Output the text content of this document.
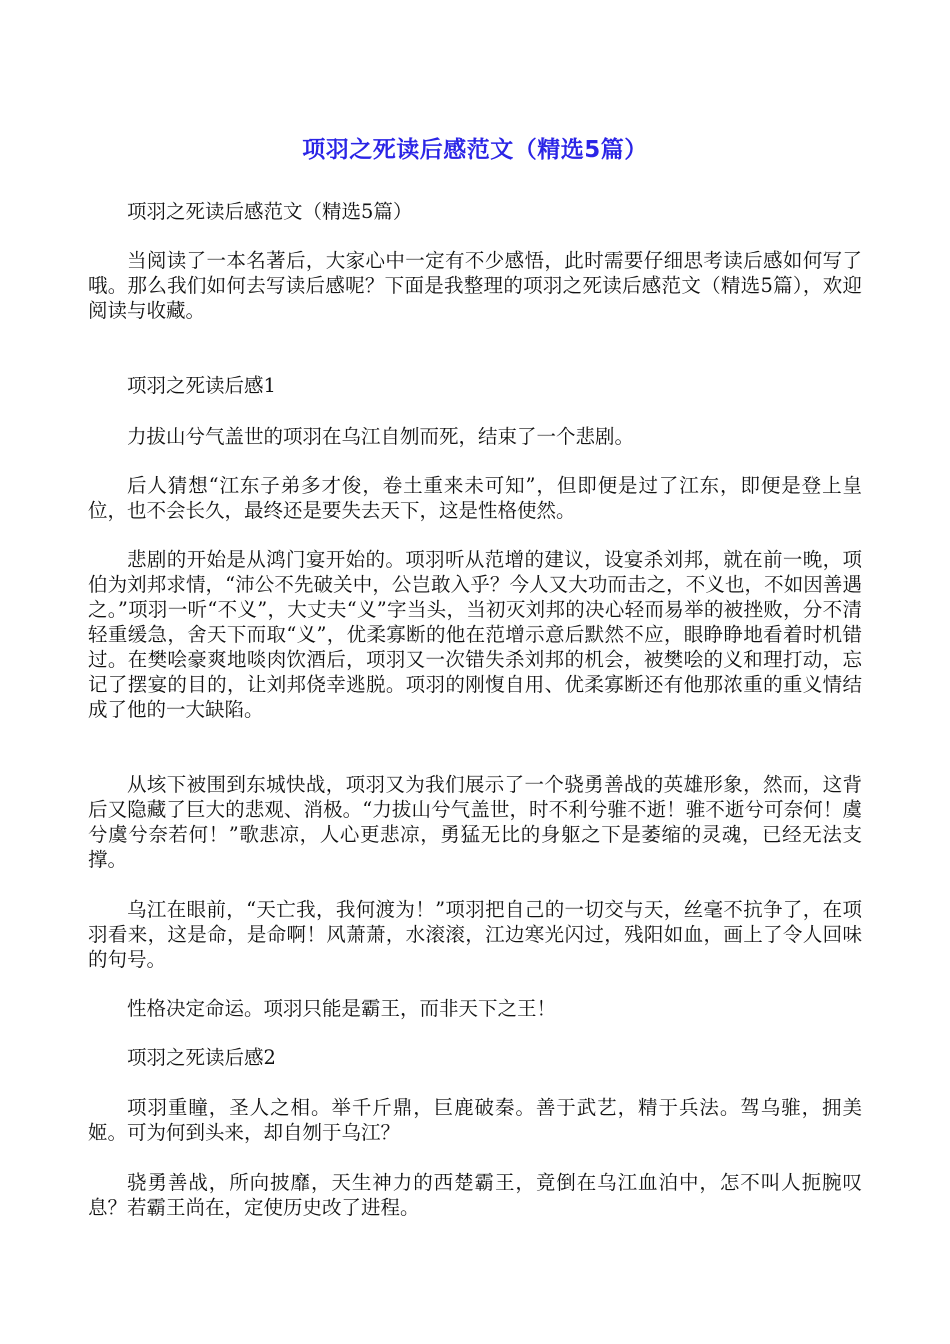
项羽之死读后感范文（精选5篇）

项羽之死读后感范文（精选5篇）

当阅读了一本名著后，大家心中一定有不少感悟，此时需要仔细思考读后感如何写了哦。那么我们如何去写读后感呢？下面是我整理的项羽之死读后感范文（精选5篇），欢迎阅读与收藏。

项羽之死读后感1

力拔山兮气盖世的项羽在乌江自刎而死，结束了一个悲剧。

后人猜想“江东子弟多才俊，卷土重来未可知”，但即便是过了江东，即便是登上皇位，也不会长久，最终还是要失去天下，这是性格使然。

悲剧的开始是从鸿门宴开始的。项羽听从范增的建议，设宴杀刘邦，就在前一晚，项伯为刘邦求情，“沛公不先破关中，公岂敢入乎？今人又大功而击之，不义也，不如因善遇之。”项羽一听“不义”，大丈夫“义”字当头，当初灭刘邦的决心轻而易举的被挫败，分不清轻重缓急，舍天下而取“义”，优柔寡断的他在范增示意后默然不应，眼睁睁地看着时机错过。在樊哙豪爽地啖肉饮酒后，项羽又一次错失杀刘邦的机会，被樊哙的义和理打动，忘记了摆宴的目的，让刘邦侥幸逃脱。项羽的刚愎自用、优柔寡断还有他那浓重的重义情结成了他的一大缺陷。

从垓下被围到东城快战，项羽又为我们展示了一个骁勇善战的英雄形象，然而，这背后又隐藏了巨大的悲观、消极。“力拔山兮气盖世，时不利兮骓不逝！骓不逝兮可奈何！虞兮虞兮奈若何！”歌悲凉，人心更悲凉，勇猛无比的身躯之下是萎缩的灵魂，已经无法支撑。

乌江在眼前，“天亡我，我何渡为！”项羽把自己的一切交与天，丝毫不抗争了，在项羽看来，这是命，是命啊！风萧萧，水滚滚，江边寒光闪过，残阳如血，画上了令人回味的句号。

性格决定命运。项羽只能是霸王，而非天下之王！

项羽之死读后感2

项羽重瞳，圣人之相。举千斤鼎，巨鹿破秦。善于武艺，精于兵法。驾乌骓，拥美姬。可为何到头来，却自刎于乌江？

骁勇善战，所向披靡，天生神力的西楚霸王，竟倒在乌江血泊中，怎不叫人扼腕叹息？若霸王尚在，定使历史改了进程。
